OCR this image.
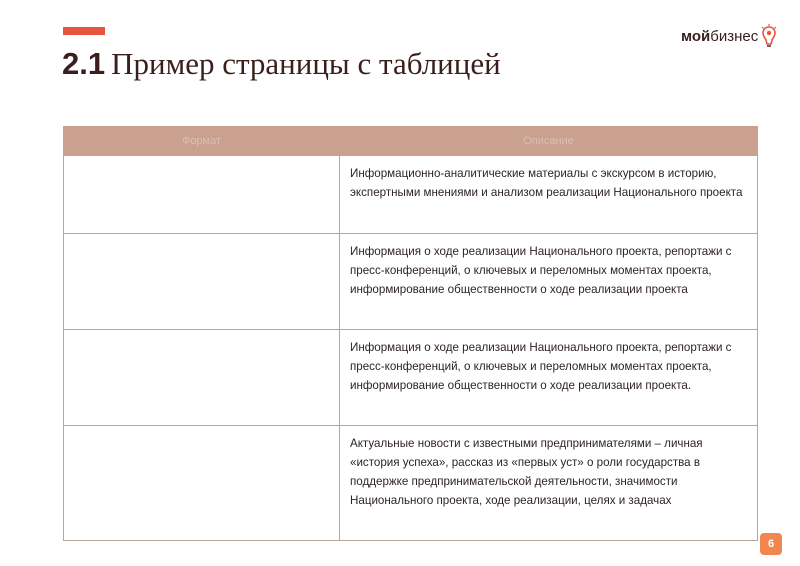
2.1 Пример страницы с таблицей
мойбизнес
Формат	Описание
	Информационно-аналитические материалы с экскурсом в историю, экспертными мнениями и анализом реализации Национального проекта
	Информация о ходе реализации Национального проекта, репортажи с пресс-конференций, о ключевых и переломных моментах проекта, информирование общественности о ходе реализации проекта
	Информация о ходе реализации Национального проекта, репортажи с пресс-конференций, о ключевых и переломных моментах проекта, информирование общественности о ходе реализации проекта.
	Актуальные новости с известными предпринимателями – личная «история успеха», рассказ из «первых уст» о роли государства в поддержке предпринимательской деятельности, значимости Национального проекта, ходе реализации, целях и задачах
6
